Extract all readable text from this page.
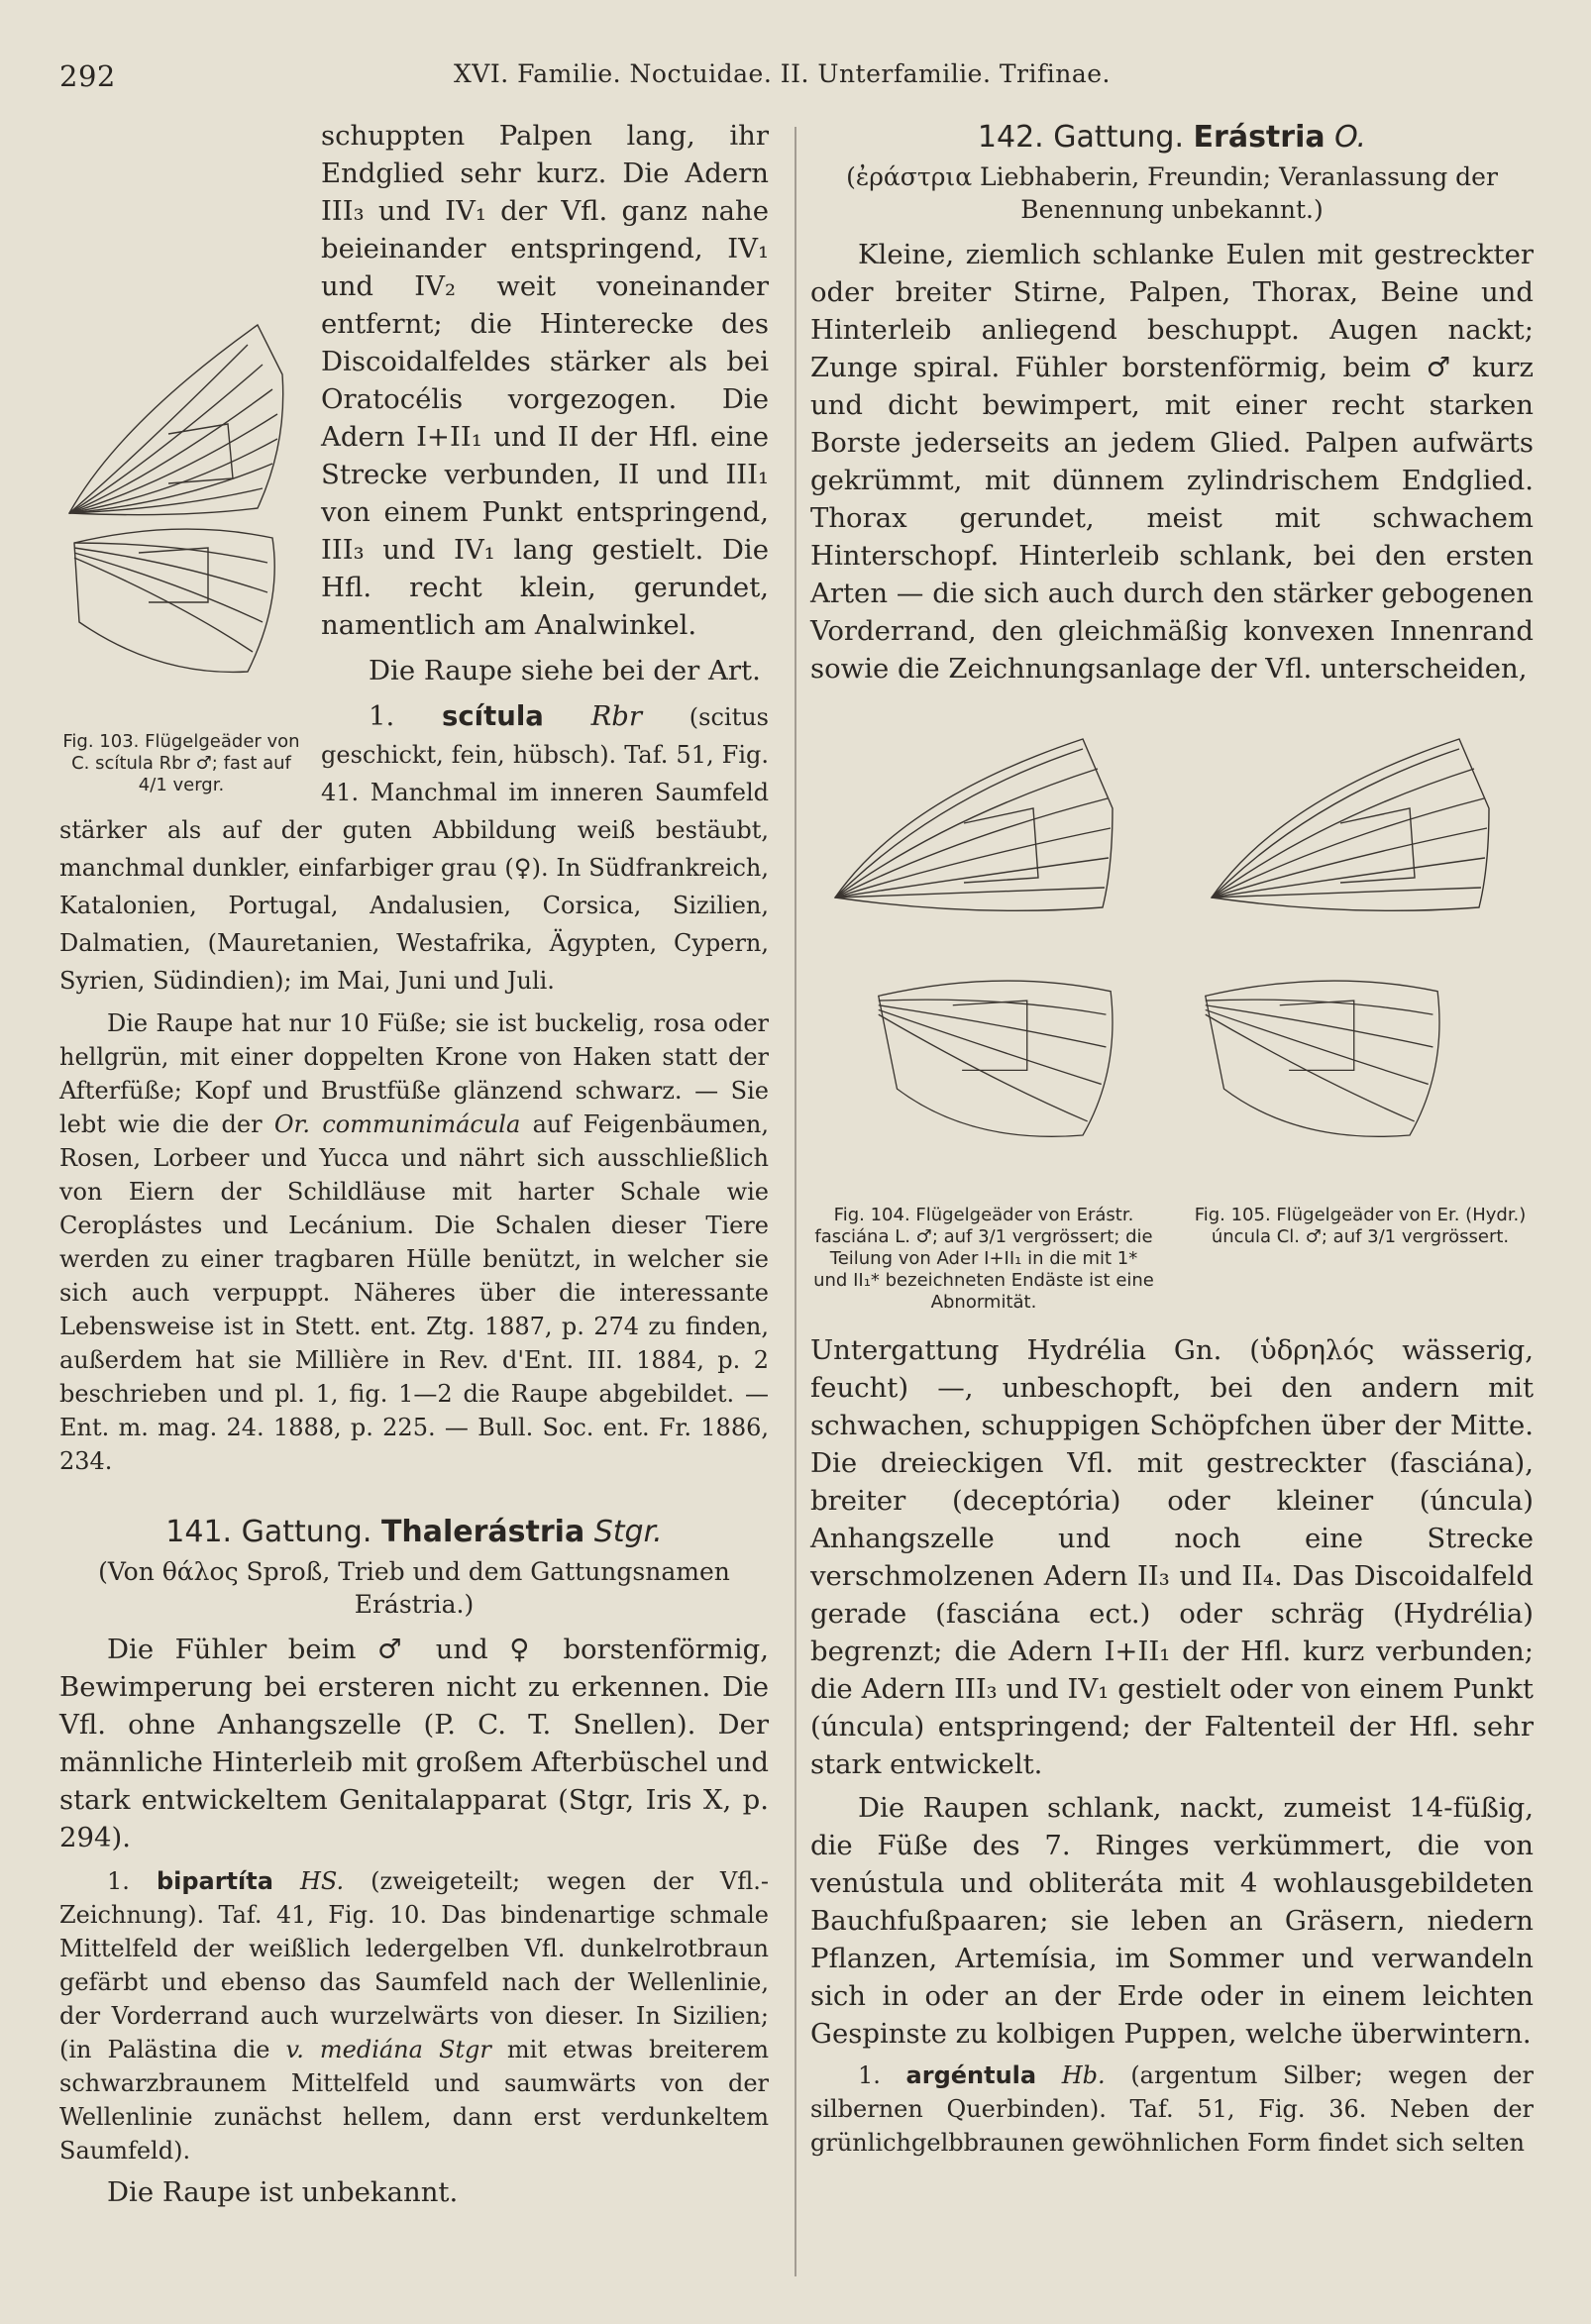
292	XVI. Familie. Noctuidae. II. Unterfamilie. Trifinae.
Fig. 103. Flügelgeäder von C. scítula Rbr ♂; fast auf 4/1 vergr.

schuppten Palpen lang, ihr Endglied sehr kurz. Die Adern III₃ und IV₁ der Vfl. ganz nahe beieinander entspringend, IV₁ und IV₂ weit voneinander entfernt; die Hinterecke des Discoidalfeldes stärker als bei Oratocélis vorgezogen. Die Adern I+II₁ und II der Hfl. eine Strecke verbunden, II und III₁ von einem Punkt entspringend, III₃ und IV₁ lang gestielt. Die Hfl. recht klein, gerundet, namentlich am Analwinkel.

Die Raupe siehe bei der Art.

1. scítula Rbr (scitus geschickt, fein, hübsch). Taf. 51, Fig. 41. Manchmal im inneren Saumfeld stärker als auf der guten Abbildung weiß bestäubt, manchmal dunkler, einfarbiger grau (♀). In Südfrankreich, Katalonien, Portugal, Andalusien, Corsica, Sizilien, Dalmatien, (Mauretanien, Westafrika, Ägypten, Cypern, Syrien, Südindien); im Mai, Juni und Juli.

Die Raupe hat nur 10 Füße; sie ist buckelig, rosa oder hellgrün, mit einer doppelten Krone von Haken statt der Afterfüße; Kopf und Brustfüße glänzend schwarz. — Sie lebt wie die der Or. communimácula auf Feigenbäumen, Rosen, Lorbeer und Yucca und nährt sich ausschließlich von Eiern der Schildläuse mit harter Schale wie Ceroplástes und Lecánium. Die Schalen dieser Tiere werden zu einer tragbaren Hülle benützt, in welcher sie sich auch verpuppt. Näheres über die interessante Lebensweise ist in Stett. ent. Ztg. 1887, p. 274 zu finden, außerdem hat sie Millière in Rev. d'Ent. III. 1884, p. 2 beschrieben und pl. 1, fig. 1—2 die Raupe abgebildet. — Ent. m. mag. 24. 1888, p. 225. — Bull. Soc. ent. Fr. 1886, 234.

141. Gattung. Thalerástria Stgr.
(Von θάλος Sproß, Trieb und dem Gattungsnamen Erástria.)

Die Fühler beim ♂ und ♀ borstenförmig, Bewimperung bei ersteren nicht zu erkennen. Die Vfl. ohne Anhangszelle (P. C. T. Snellen). Der männliche Hinterleib mit großem Afterbüschel und stark entwickeltem Genitalapparat (Stgr, Iris X, p. 294).

1. bipartíta HS. (zweigeteilt; wegen der Vfl.-Zeichnung). Taf. 41, Fig. 10. Das bindenartige schmale Mittelfeld der weißlich ledergelben Vfl. dunkelrotbraun gefärbt und ebenso das Saumfeld nach der Wellenlinie, der Vorderrand auch wurzelwärts von dieser. In Sizilien; (in Palästina die v. mediána Stgr mit etwas breiterem schwarzbraunem Mittelfeld und saumwärts von der Wellenlinie zunächst hellem, dann erst verdunkeltem Saumfeld).

Die Raupe ist unbekannt.

142. Gattung. Erástria O.
(ἐράστρια Liebhaberin, Freundin; Veranlassung der Benennung unbekannt.)

Kleine, ziemlich schlanke Eulen mit gestreckter oder breiter Stirne, Palpen, Thorax, Beine und Hinterleib anliegend beschuppt. Augen nackt; Zunge spiral. Fühler borstenförmig, beim ♂ kurz und dicht bewimpert, mit einer recht starken Borste jederseits an jedem Glied. Palpen aufwärts gekrümmt, mit dünnem zylindrischem Endglied. Thorax gerundet, meist mit schwachem Hinterschopf. Hinterleib schlank, bei den ersten Arten — die sich auch durch den stärker gebogenen Vorderrand, den gleichmäßig konvexen Innenrand sowie die Zeichnungsanlage der Vfl. unterscheiden,

Fig. 104. Flügelgeäder von Erástr. fasciána L. ♂; auf 3/1 vergrössert; die Teilung von Ader I+II₁ in die mit 1* und II₁* bezeichneten Endäste ist eine Abnormität.
Fig. 105. Flügelgeäder von Er. (Hydr.) úncula Cl. ♂; auf 3/1 vergrössert.

Untergattung Hydrélia Gn. (ὑδρηλός wässerig, feucht) —, unbeschopft, bei den andern mit schwachen, schuppigen Schöpfchen über der Mitte. Die dreieckigen Vfl. mit gestreckter (fasciána), breiter (deceptória) oder kleiner (úncula) Anhangszelle und noch eine Strecke verschmolzenen Adern II₃ und II₄. Das Discoidalfeld gerade (fasciána ect.) oder schräg (Hydrélia) begrenzt; die Adern I+II₁ der Hfl. kurz verbunden; die Adern III₃ und IV₁ gestielt oder von einem Punkt (úncula) entspringend; der Faltenteil der Hfl. sehr stark entwickelt.

Die Raupen schlank, nackt, zumeist 14-füßig, die Füße des 7. Ringes verkümmert, die von venústula und obliteráta mit 4 wohlausgebildeten Bauchfußpaaren; sie leben an Gräsern, niedern Pflanzen, Artemísia, im Sommer und verwandeln sich in oder an der Erde oder in einem leichten Gespinste zu kolbigen Puppen, welche überwintern.

1. argéntula Hb. (argentum Silber; wegen der silbernen Querbinden). Taf. 51, Fig. 36. Neben der grünlichgelbbraunen gewöhnlichen Form findet sich selten
